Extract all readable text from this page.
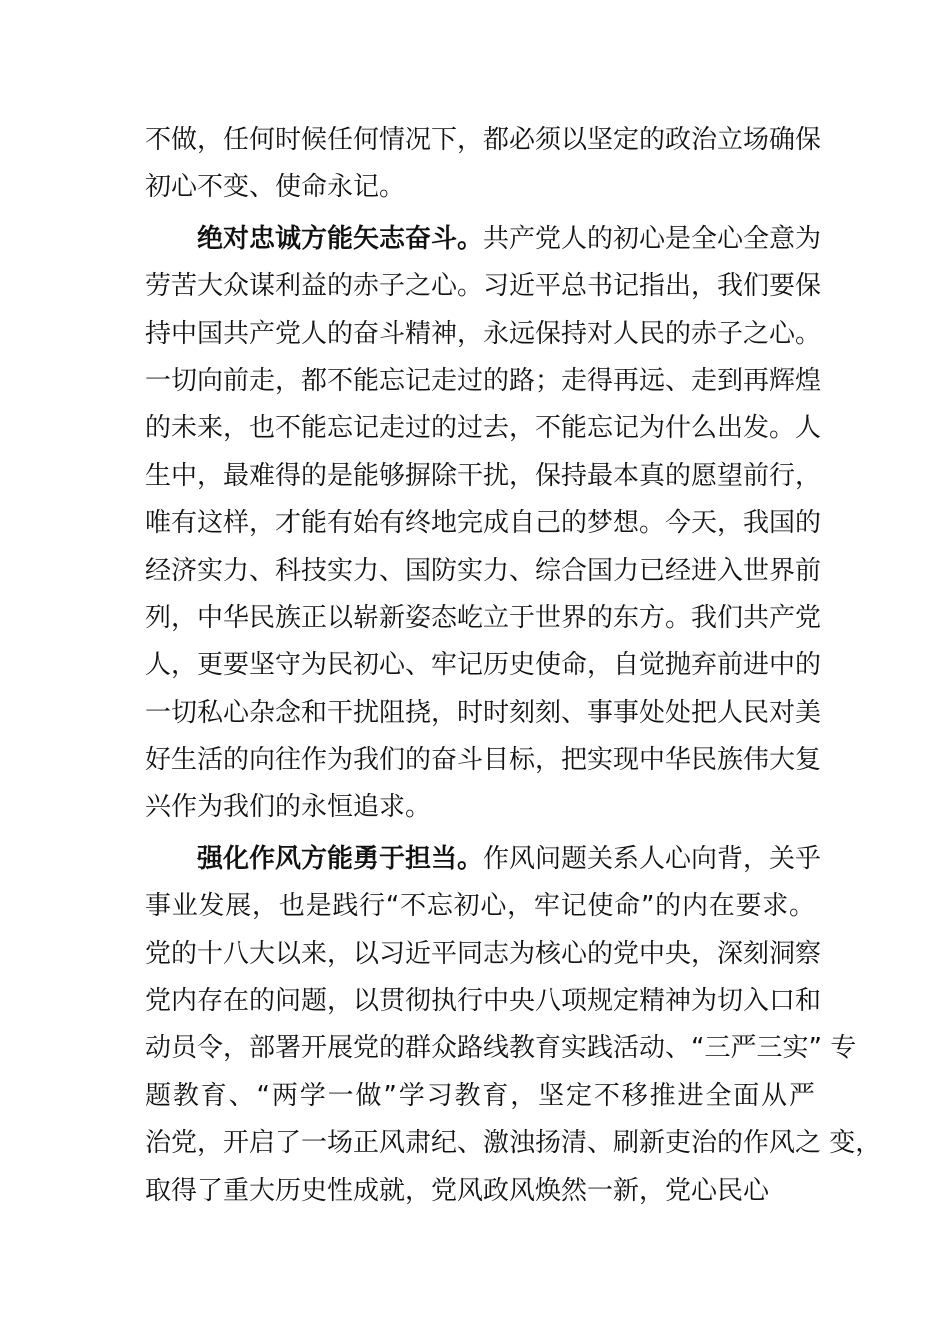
不做，任何时候任何情况下，都必须以坚定的政治立场确保
初心不变、使命永记。
绝对忠诚方能矢志奋斗。共产党人的初心是全心全意为
劳苦大众谋利益的赤子之心。习近平总书记指出，我们要保
持中国共产党人的奋斗精神，永远保持对人民的赤子之心。
一切向前走，都不能忘记走过的路；走得再远、走到再辉煌
的未来，也不能忘记走过的过去，不能忘记为什么出发。人
生中，最难得的是能够摒除干扰，保持最本真的愿望前行，
唯有这样，才能有始有终地完成自己的梦想。今天，我国的
经济实力、科技实力、国防实力、综合国力已经进入世界前
列，中华民族正以崭新姿态屹立于世界的东方。我们共产党
人，更要坚守为民初心、牢记历史使命，自觉抛弃前进中的
一切私心杂念和干扰阻挠，时时刻刻、事事处处把人民对美
好生活的向往作为我们的奋斗目标，把实现中华民族伟大复
兴作为我们的永恒追求。
强化作风方能勇于担当。作风问题关系人心向背，关乎
事业发展，也是践行“不忘初心，牢记使命”的内在要求。
党的十八大以来，以习近平同志为核心的党中央，深刻洞察
党内存在的问题，以贯彻执行中央八项规定精神为切入口和
动员令，部署开展党的群众路线教育实践活动、“三严三实” 专
题教育、“两学一做”学习教育，坚定不移推进全面从严
治党，开启了一场正风肃纪、激浊扬清、刷新吏治的作风之 变，
取得了重大历史性成就，党风政风焕然一新，党心民心
